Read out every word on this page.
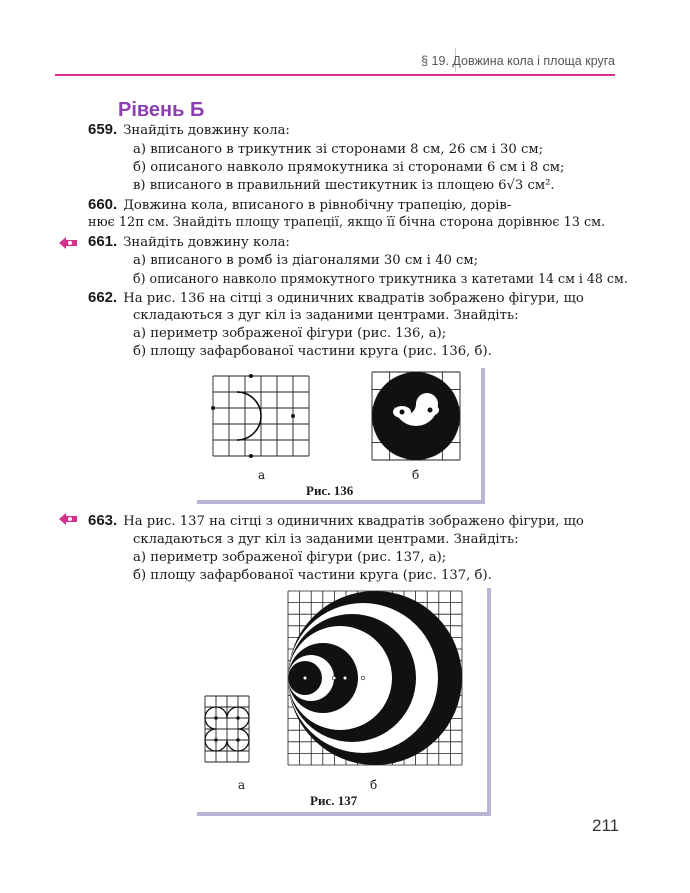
§ 19. Довжина кола і площа круга
Рівень Б
659. Знайдіть довжину кола:
а) вписаного в трикутник зі сторонами 8 см, 26 см і 30 см;
б) описаного навколо прямокутника зі сторонами 6 см і 8 см;
в) вписаного в правильний шестикутник із площею 6√3 см².
660. Довжина кола, вписаного в рівнобічну трапецію, дорів-
нює 12π см. Знайдіть площу трапеції, якщо її бічна сторона дорівнює 13 см.
661. Знайдіть довжину кола:
а) вписаного в ромб із діагоналями 30 см і 40 см;
б) описаного навколо прямокутного трикутника з катетами 14 см і 48 см.
662. На рис. 136 на сітці з одиничних квадратів зображено фігури, що
складаються з дуг кіл із заданими центрами. Знайдіть:
а) периметр зображеної фігури (рис. 136, а);
б) площу зафарбованої частини круга (рис. 136, б).
а	б
Рис. 136
663. На рис. 137 на сітці з одиничних квадратів зображено фігури, що
складаються з дуг кіл із заданими центрами. Знайдіть:
а) периметр зображеної фігури (рис. 137, а);
б) площу зафарбованої частини круга (рис. 137, б).
а	б
Рис. 137
211
